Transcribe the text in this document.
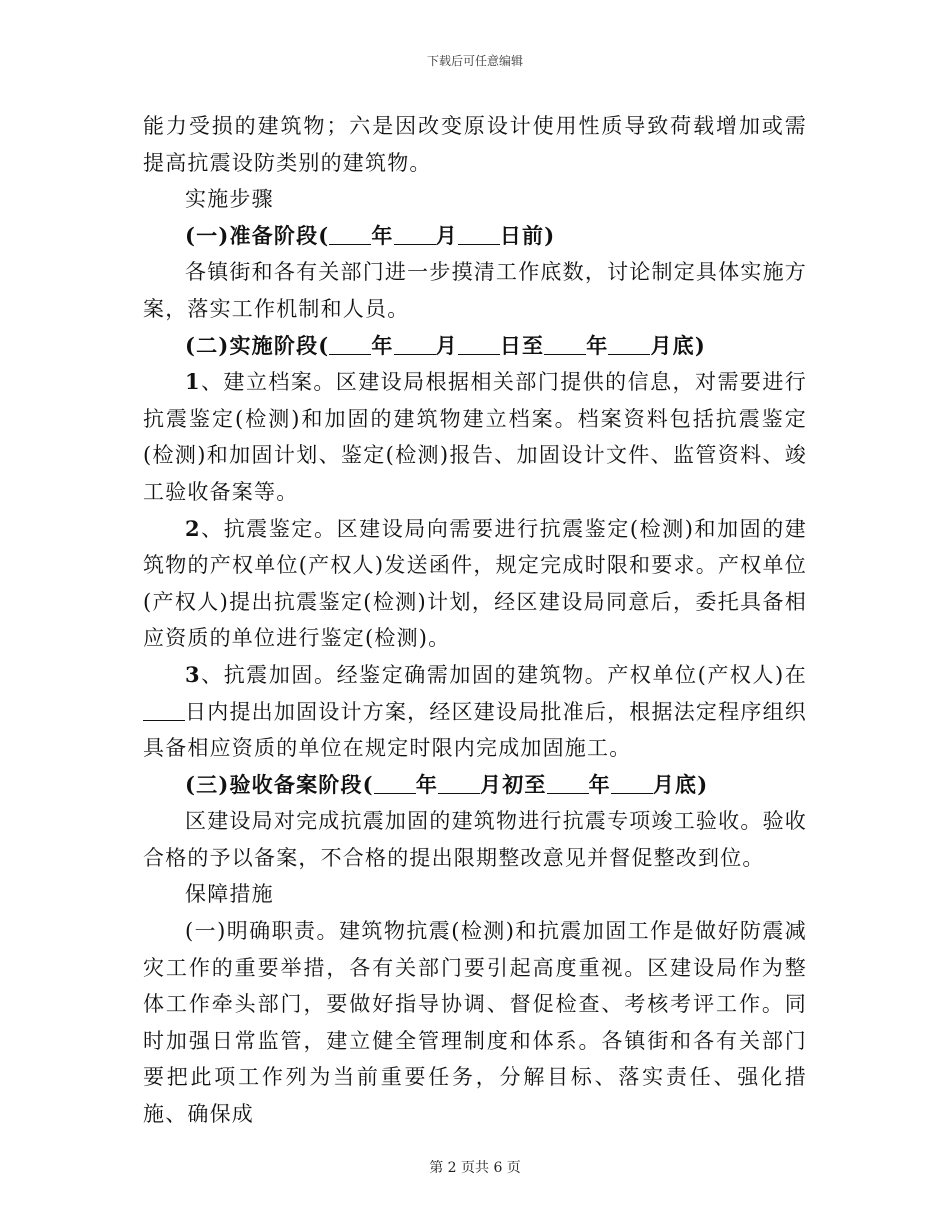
下载后可任意编辑

能力受损的建筑物；六是因改变原设计使用性质导致荷载增加或需提高抗震设防类别的建筑物。

实施步骤

(一)准备阶段( 年 月 日前)

各镇街和各有关部门进一步摸清工作底数，讨论制定具体实施方案，落实工作机制和人员。

(二)实施阶段( 年 月 日至 年 月底)

1、建立档案。区建设局根据相关部门提供的信息，对需要进行抗震鉴定(检测)和加固的建筑物建立档案。档案资料包括抗震鉴定(检测)和加固计划、鉴定(检测)报告、加固设计文件、监管资料、竣工验收备案等。

2、抗震鉴定。区建设局向需要进行抗震鉴定(检测)和加固的建筑物的产权单位(产权人)发送函件，规定完成时限和要求。产权单位(产权人)提出抗震鉴定(检测)计划，经区建设局同意后，委托具备相应资质的单位进行鉴定(检测)。

3、抗震加固。经鉴定确需加固的建筑物。产权单位(产权人)在日内提出加固设计方案，经区建设局批准后，根据法定程序组织具备相应资质的单位在规定时限内完成加固施工。

(三)验收备案阶段( 年 月初至 年 月底)

区建设局对完成抗震加固的建筑物进行抗震专项竣工验收。验收合格的予以备案，不合格的提出限期整改意见并督促整改到位。

保障措施

(一)明确职责。建筑物抗震(检测)和抗震加固工作是做好防震减灾工作的重要举措，各有关部门要引起高度重视。区建设局作为整体工作牵头部门，要做好指导协调、督促检查、考核考评工作。同时加强日常监管，建立健全管理制度和体系。各镇街和各有关部门要把此项工作列为当前重要任务，分解目标、落实责任、强化措施、确保成

第 2 页共 6 页
